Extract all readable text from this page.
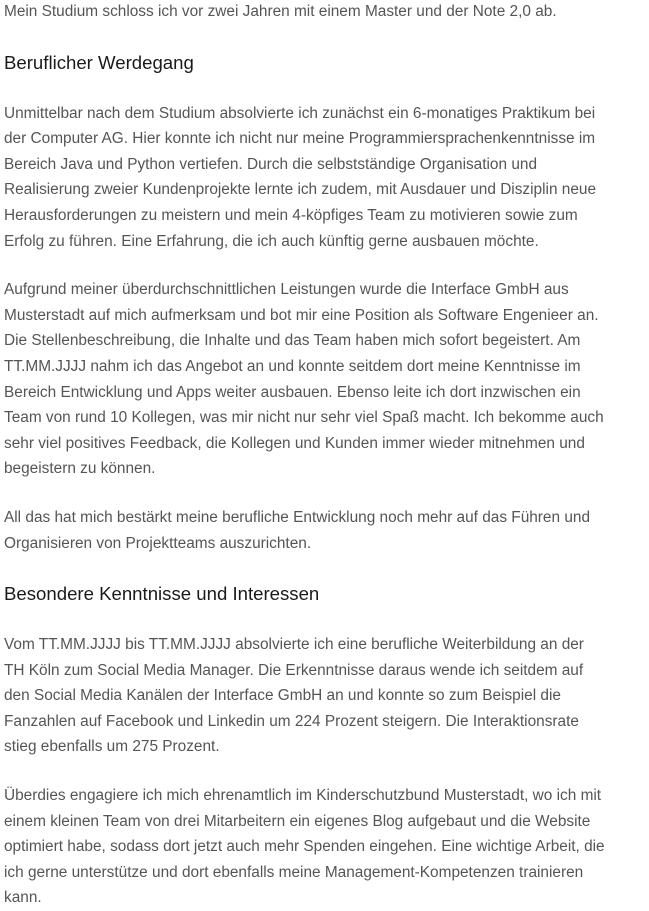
Mein Studium schloss ich vor zwei Jahren mit einem Master und der Note 2,0 ab.

Beruflicher Werdegang

Unmittelbar nach dem Studium absolvierte ich zunächst ein 6-monatiges Praktikum bei
der Computer AG. Hier konnte ich nicht nur meine Programmiersprachenkenntnisse im
Bereich Java und Python vertiefen. Durch die selbstständige Organisation und
Realisierung zweier Kundenprojekte lernte ich zudem, mit Ausdauer und Disziplin neue
Herausforderungen zu meistern und mein 4-köpfiges Team zu motivieren sowie zum
Erfolg zu führen. Eine Erfahrung, die ich auch künftig gerne ausbauen möchte.

Aufgrund meiner überdurchschnittlichen Leistungen wurde die Interface GmbH aus
Musterstadt auf mich aufmerksam und bot mir eine Position als Software Engenieer an.
Die Stellenbeschreibung, die Inhalte und das Team haben mich sofort begeistert. Am
TT.MM.JJJJ nahm ich das Angebot an und konnte seitdem dort meine Kenntnisse im
Bereich Entwicklung und Apps weiter ausbauen. Ebenso leite ich dort inzwischen ein
Team von rund 10 Kollegen, was mir nicht nur sehr viel Spaß macht. Ich bekomme auch
sehr viel positives Feedback, die Kollegen und Kunden immer wieder mitnehmen und
begeistern zu können.

All das hat mich bestärkt meine berufliche Entwicklung noch mehr auf das Führen und
Organisieren von Projektteams auszurichten.

Besondere Kenntnisse und Interessen

Vom TT.MM.JJJJ bis TT.MM.JJJJ absolvierte ich eine berufliche Weiterbildung an der
TH Köln zum Social Media Manager. Die Erkenntnisse daraus wende ich seitdem auf
den Social Media Kanälen der Interface GmbH an und konnte so zum Beispiel die
Fanzahlen auf Facebook und Linkedin um 224 Prozent steigern. Die Interaktionsrate
stieg ebenfalls um 275 Prozent.

Überdies engagiere ich mich ehrenamtlich im Kinderschutzbund Musterstadt, wo ich mit
einem kleinen Team von drei Mitarbeitern ein eigenes Blog aufgebaut und die Website
optimiert habe, sodass dort jetzt auch mehr Spenden eingehen. Eine wichtige Arbeit, die
ich gerne unterstütze und dort ebenfalls meine Management-Kompetenzen trainieren
kann.
